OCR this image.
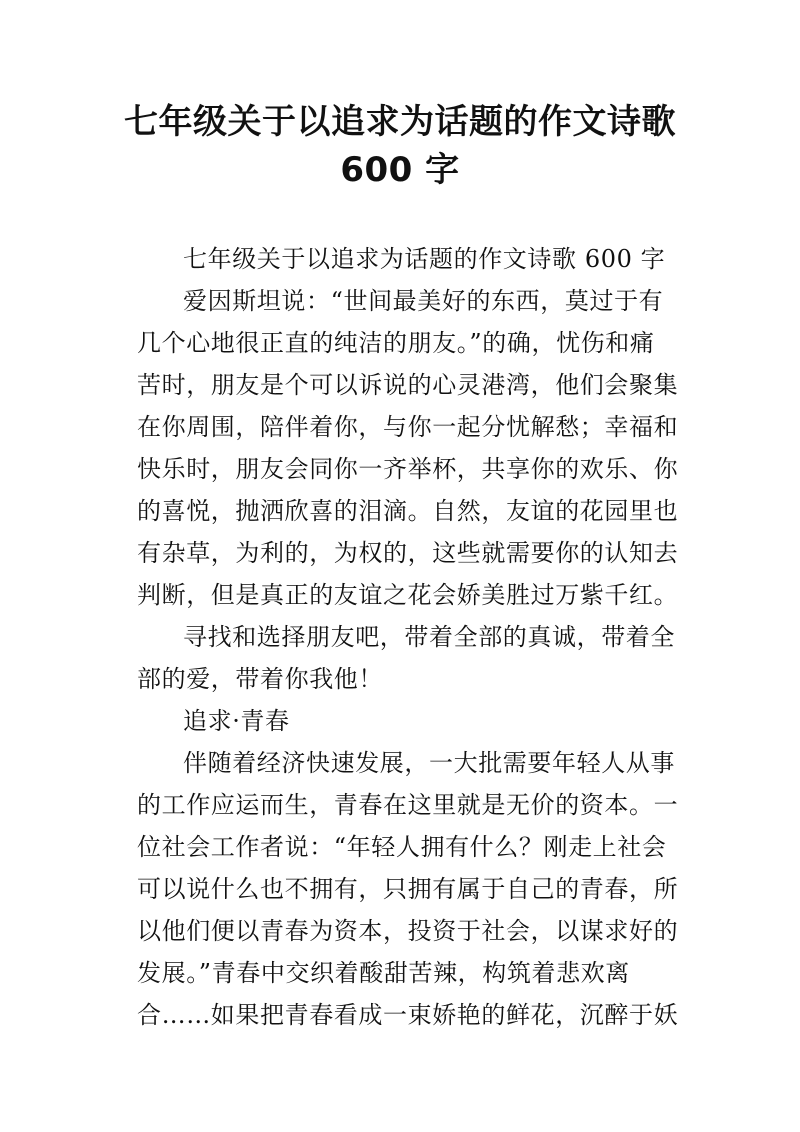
七年级关于以追求为话题的作文诗歌
600 字
七年级关于以追求为话题的作文诗歌 600 字
爱因斯坦说：“世间最美好的东西，莫过于有
几个心地很正直的纯洁的朋友。”的确，忧伤和痛
苦时，朋友是个可以诉说的心灵港湾，他们会聚集
在你周围，陪伴着你，与你一起分忧解愁；幸福和
快乐时，朋友会同你一齐举杯，共享你的欢乐、你
的喜悦，抛洒欣喜的泪滴。自然，友谊的花园里也
有杂草，为利的，为权的，这些就需要你的认知去
判断，但是真正的友谊之花会娇美胜过万紫千红。
寻找和选择朋友吧，带着全部的真诚，带着全
部的爱，带着你我他！
追求·青春
伴随着经济快速发展，一大批需要年轻人从事
的工作应运而生，青春在这里就是无价的资本。一
位社会工作者说：“年轻人拥有什么？刚走上社会
可以说什么也不拥有，只拥有属于自己的青春，所
以他们便以青春为资本，投资于社会，以谋求好的
发展。”青春中交织着酸甜苦辣，构筑着悲欢离
合……如果把青春看成一束娇艳的鲜花，沉醉于妖
